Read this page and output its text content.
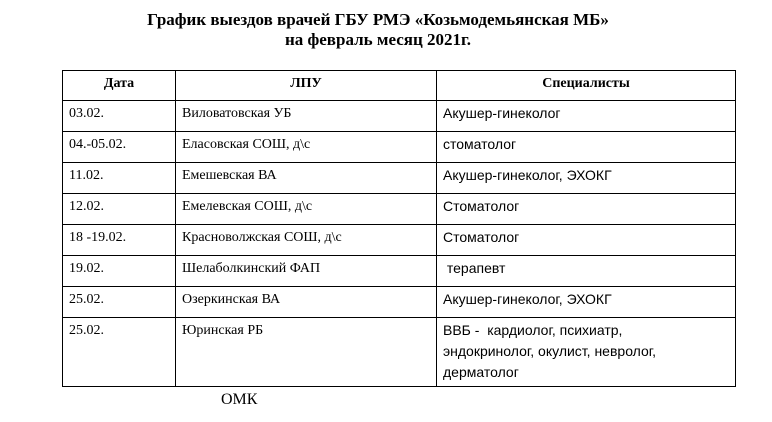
График выездов врачей ГБУ РМЭ «Козьмодемьянская МБ»
на февраль месяц 2021г.
Дата	ЛПУ	Специалисты
03.02.	Виловатовская УБ	Акушер-гинеколог

04.-05.02.	Еласовская СОШ, д\с	стоматолог

11.02.	Емешевская ВА	Акушер-гинеколог, ЭХОКГ

12.02.	Емелевская СОШ, д\с	Стоматолог

18 -19.02.	Красноволжская СОШ, д\с	Стоматолог

19.02.	Шелаболкинский ФАП	терапевт

25.02.	Озеркинская ВА	Акушер-гинеколог, ЭХОКГ

25.02.	Юринская РБ	ВВБ -  кардиолог, психиатр,
эндокринолог, окулист, невролог,
дерматолог
ОМК
